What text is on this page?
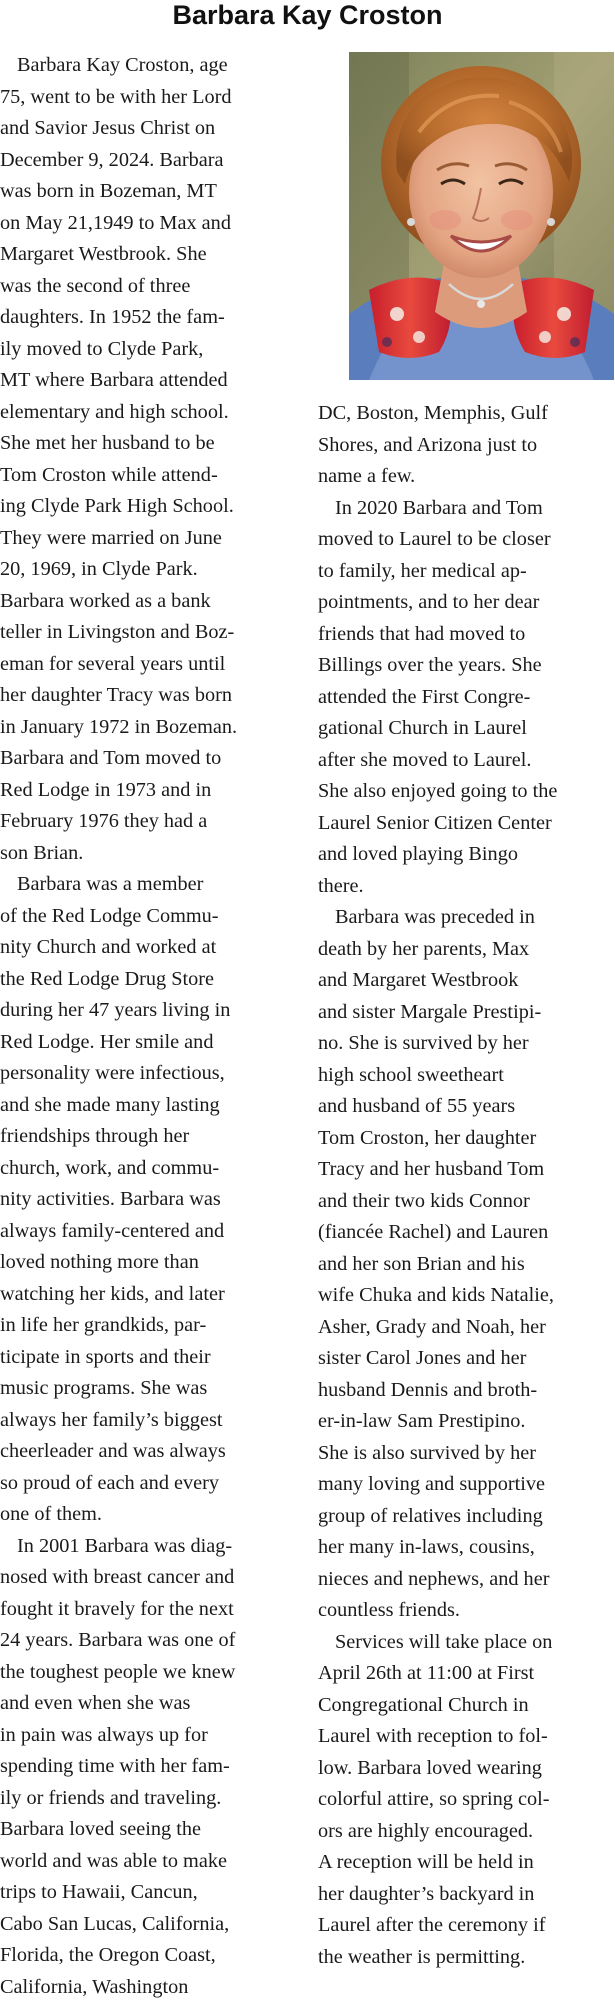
Barbara Kay Croston
Barbara Kay Croston, age
75, went to be with her Lord
and Savior Jesus Christ on
December 9, 2024. Barbara
was born in Bozeman, MT
on May 21,1949 to Max and
Margaret Westbrook. She
was the second of three
daughters. In 1952 the fam-
ily moved to Clyde Park,
MT where Barbara attended
elementary and high school.
She met her husband to be
Tom Croston while attend-
ing Clyde Park High School.
They were married on June
20, 1969, in Clyde Park.
Barbara worked as a bank
teller in Livingston and Boz-
eman for several years until
her daughter Tracy was born
in January 1972 in Bozeman.
Barbara and Tom moved to
Red Lodge in 1973 and in
February 1976 they had a
son Brian.
Barbara was a member
of the Red Lodge Commu-
nity Church and worked at
the Red Lodge Drug Store
during her 47 years living in
Red Lodge. Her smile and
personality were infectious,
and she made many lasting
friendships through her
church, work, and commu-
nity activities. Barbara was
always family-centered and
loved nothing more than
watching her kids, and later
in life her grandkids, par-
ticipate in sports and their
music programs. She was
always her family’s biggest
cheerleader and was always
so proud of each and every
one of them.
In 2001 Barbara was diag-
nosed with breast cancer and
fought it bravely for the next
24 years. Barbara was one of
the toughest people we knew
and even when she was
in pain was always up for
spending time with her fam-
ily or friends and traveling.
Barbara loved seeing the
world and was able to make
trips to Hawaii, Cancun,
Cabo San Lucas, California,
Florida, the Oregon Coast,
California, Washington
DC, Boston, Memphis, Gulf
Shores, and Arizona just to
name a few.
In 2020 Barbara and Tom
moved to Laurel to be closer
to family, her medical ap-
pointments, and to her dear
friends that had moved to
Billings over the years. She
attended the First Congre-
gational Church in Laurel
after she moved to Laurel.
She also enjoyed going to the
Laurel Senior Citizen Center
and loved playing Bingo
there.
Barbara was preceded in
death by her parents, Max
and Margaret Westbrook
and sister Margale Prestipi-
no. She is survived by her
high school sweetheart
and husband of 55 years
Tom Croston, her daughter
Tracy and her husband Tom
and their two kids Connor
(fiancée Rachel) and Lauren
and her son Brian and his
wife Chuka and kids Natalie,
Asher, Grady and Noah, her
sister Carol Jones and her
husband Dennis and broth-
er-in-law Sam Prestipino.
She is also survived by her
many loving and supportive
group of relatives including
her many in-laws, cousins,
nieces and nephews, and her
countless friends.
Services will take place on
April 26th at 11:00 at First
Congregational Church in
Laurel with reception to fol-
low. Barbara loved wearing
colorful attire, so spring col-
ors are highly encouraged.
A reception will be held in
her daughter’s backyard in
Laurel after the ceremony if
the weather is permitting.
